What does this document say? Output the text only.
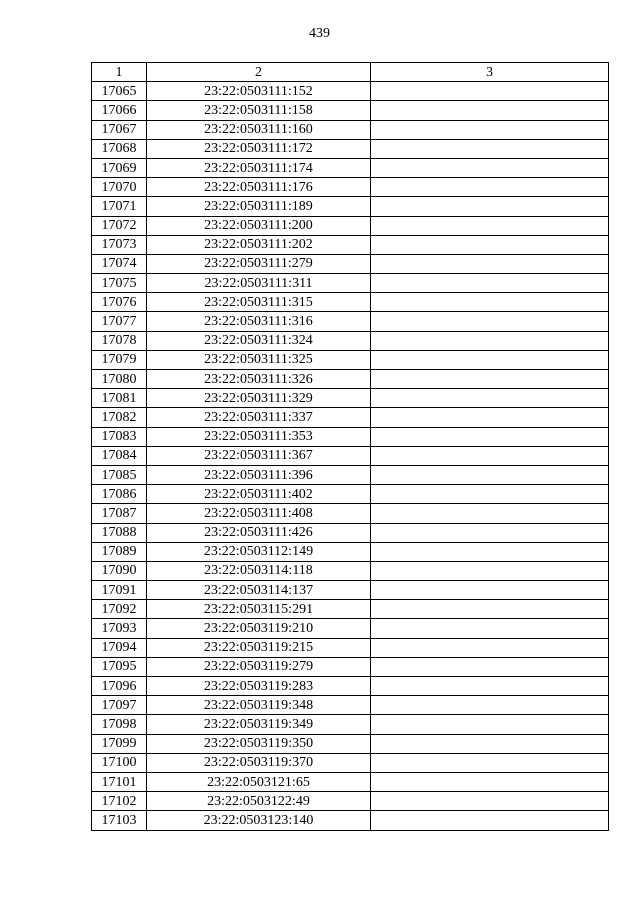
439
1	2	3
17065	23:22:0503111:152	
17066	23:22:0503111:158	
17067	23:22:0503111:160	
17068	23:22:0503111:172	
17069	23:22:0503111:174	
17070	23:22:0503111:176	
17071	23:22:0503111:189	
17072	23:22:0503111:200	
17073	23:22:0503111:202	
17074	23:22:0503111:279	
17075	23:22:0503111:311	
17076	23:22:0503111:315	
17077	23:22:0503111:316	
17078	23:22:0503111:324	
17079	23:22:0503111:325	
17080	23:22:0503111:326	
17081	23:22:0503111:329	
17082	23:22:0503111:337	
17083	23:22:0503111:353	
17084	23:22:0503111:367	
17085	23:22:0503111:396	
17086	23:22:0503111:402	
17087	23:22:0503111:408	
17088	23:22:0503111:426	
17089	23:22:0503112:149	
17090	23:22:0503114:118	
17091	23:22:0503114:137	
17092	23:22:0503115:291	
17093	23:22:0503119:210	
17094	23:22:0503119:215	
17095	23:22:0503119:279	
17096	23:22:0503119:283	
17097	23:22:0503119:348	
17098	23:22:0503119:349	
17099	23:22:0503119:350	
17100	23:22:0503119:370	
17101	23:22:0503121:65	
17102	23:22:0503122:49	
17103	23:22:0503123:140	
